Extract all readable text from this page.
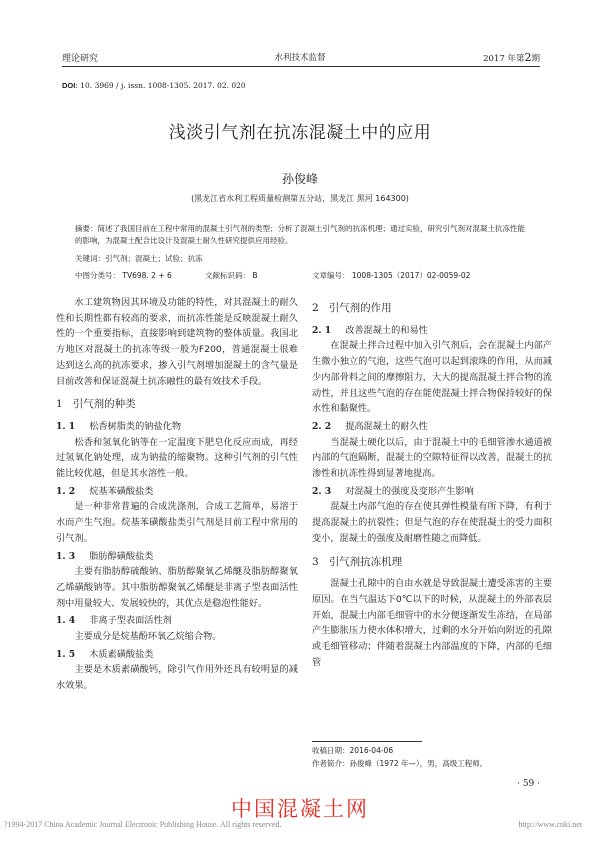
理论研究	水利技术监督	2017 年第2期
DOI: 10. 3969 / j. issn. 1008-1305. 2017. 02. 020
浅淡引气剂在抗冻混凝土中的应用
孙俊峰
(黑龙江省水利工程质量检测第五分站，黑龙江 黑河 164300)
摘要：简述了我国目前在工程中常用的混凝土引气剂的类型；分析了混凝土引气剂的抗冻机理；通过实验，研究引气剂对混凝土抗冻性能的影响，为混凝土配合比设计及混凝土耐久性研究提供应用经验。
关键词：引气剂；混凝土；试验；抗冻
中图分类号： TV698. 2 + 6	文献标识码： B	文章编号： 1008-1305（2017）02-0059-02

水工建筑物因其环境及功能的特性，对其混凝土的耐久性和长期性都有较高的要求，而抗冻性能是反映混凝土耐久性的一个重要指标，直接影响到建筑物的整体质量。我国北方地区对混凝土的抗冻等级一般为F200，普通混凝土很难达到这么高的抗冻要求，掺入引气剂增加混凝土的含气量是目前改善和保证混凝土抗冻融性的最有效技术手段。

1 引气剂的种类
1. 1 松香树脂类的钠盐化物

松香和氢氧化钠等在一定温度下肥皂化反应而成，再经过氢氧化钠处理，成为钠盐的缩聚物。这种引气剂的引气性能比较优越，但是其水溶性一般。

1. 2 烷基苯磺酸盐类

是一种非常普遍的合成洗涤剂，合成工艺简单，易溶于水而产生气泡。烷基苯磺酸盐类引气剂是目前工程中常用的引气剂。

1. 3 脂肪醇磺酸盐类

主要有脂肪醇硫酸钠、脂肪醇聚氧乙烯醚及脂肪醇聚氧乙烯磺酸钠等。其中脂肪醇聚氧乙烯醚是非离子型表面活性剂中用量较大、发展较快的，其优点是稳泡性能好。

1. 4 非离子型表面活性剂

主要成分是烷基酚环氧乙烷缩合物。

1. 5 木质素磺酸盐类

主要是木质素磺酸钙，除引气作用外还具有较明显的减水效果。

2 引气剂的作用
2. 1 改善混凝土的和易性

在混凝土拌合过程中加入引气剂后，会在混凝土内部产生微小独立的气泡，这些气泡可以起到滚珠的作用，从而减少内部骨料之间的摩擦阻力，大大的提高混凝土拌合物的流动性，并且这些气泡的存在能使混凝土拌合物保持较好的保水性和黏聚性。

2. 2 提高混凝土的耐久性

当混凝土硬化以后，由于混凝土中的毛细管渗水通道被内部的气泡隔断，混凝土的空隙特征得以改善，混凝土的抗渗性和抗冻性得到显著地提高。

2. 3 对混凝土的强度及变形产生影响

混凝土内部气泡的存在使其弹性模量有所下降，有利于提高混凝土的抗裂性；但是气泡的存在使混凝土的受力面积变小，混凝土的强度及耐磨性随之而降低。

3 引气剂抗冻机理

混凝土孔隙中的自由水就是导致混凝土遭受冻害的主要原因。在当气温达下0℃以下的时候，从混凝土的外部表层开始，混凝土内部毛细管中的水分便逐渐发生冻结，在局部产生膨胀压力使水体积增大，过剩的水分开始向附近的孔隙或毛细管移动；伴随着混凝土内部温度的下降，内部的毛细管

收稿日期：2016-04-06
作者简介：孙俊峰（1972 年—），男，高级工程师。
· 59 ·
中国混凝土网
?1994-2017 China Academic Journal Electronic Publishing House. All rights reserved.	http://www.cnki.net
